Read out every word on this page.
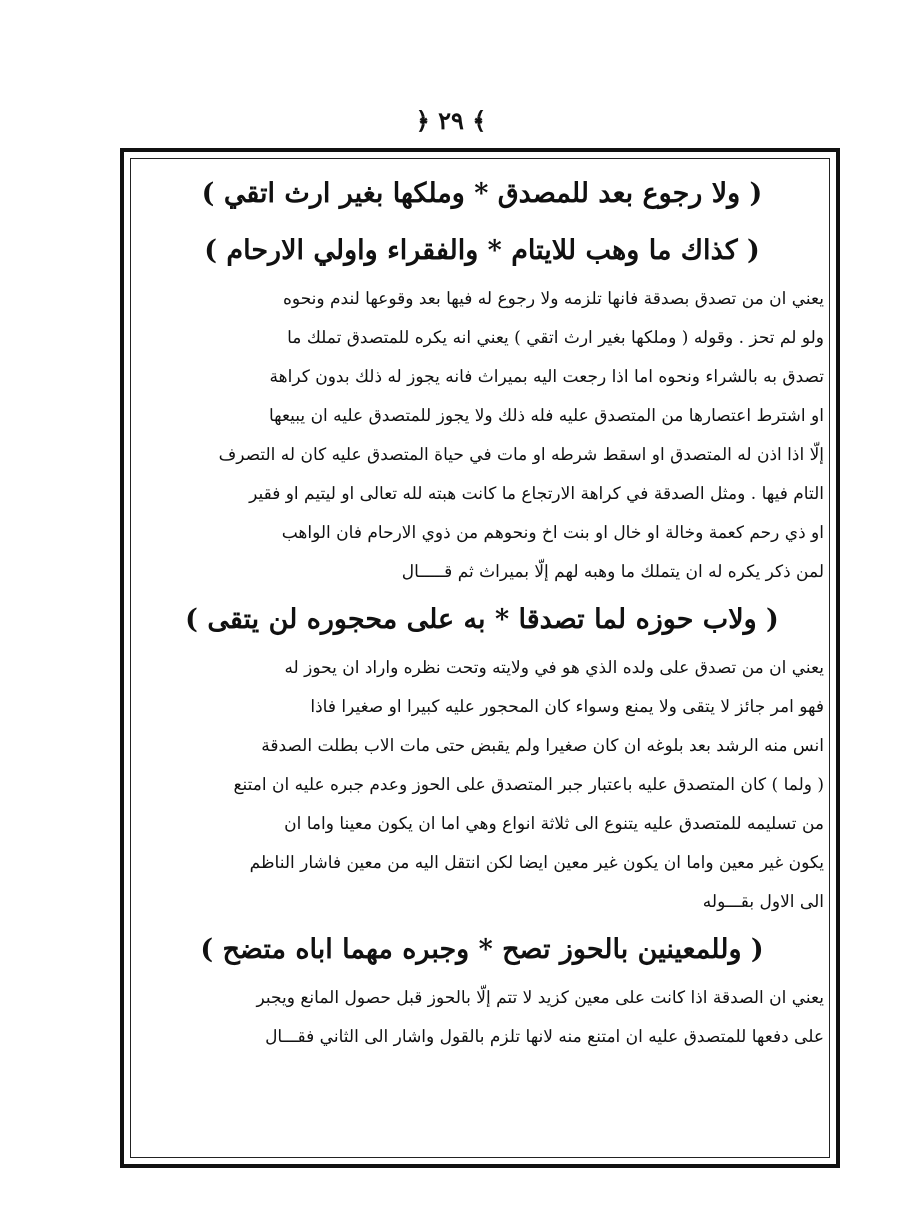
﴿ ٢٩ ﴾
( ولا رجوع بعد للمصدق * وملكها بغير ارث اتقي )
( كذاك ما وهب للايتام * والفقراء واولي الارحام )
يعني ان من تصدق بصدقة فانها تلزمه ولا رجوع له فيها بعد وقوعها لندم ونحوه
ولو لم تحز . وقوله ( وملكها بغير ارث اتقي ) يعني انه يكره للمتصدق تملك ما
تصدق به بالشراء ونحوه اما اذا رجعت اليه بميراث فانه يجوز له ذلك بدون كراهة
او اشترط اعتصارها من المتصدق عليه فله ذلك ولا يجوز للمتصدق عليه ان يبيعها
إلّا اذا اذن له المتصدق او اسقط شرطه او مات في حياة المتصدق عليه كان له التصرف
التام فيها . ومثل الصدقة في كراهة الارتجاع ما كانت هبته لله تعالى او ليتيم او فقير
او ذي رحم كعمة وخالة او خال او بنت اخ ونحوهم من ذوي الارحام فان الواهب
لمن ذكر يكره له ان يتملك ما وهبه لهم إلّا بميراث ثم قـــــال
( ولاب حوزه لما تصدقا * به على محجوره لن يتقى )
يعني ان من تصدق على ولده الذي هو في ولايته وتحت نظره واراد ان يحوز له
فهو امر جائز لا يتقى ولا يمنع وسواء كان المحجور عليه كبيرا او صغيرا فاذا
انس منه الرشد بعد بلوغه ان كان صغيرا ولم يقبض حتى مات الاب بطلت الصدقة
( ولما ) كان المتصدق عليه باعتبار جبر المتصدق على الحوز وعدم جبره عليه ان امتنع
من تسليمه للمتصدق عليه يتنوع الى ثلاثة انواع وهي اما ان يكون معينا واما ان
يكون غير معين واما ان يكون غير معين ايضا لكن انتقل اليه من معين فاشار الناظم
الى الاول بقـــوله
( وللمعينين بالحوز تصح * وجبره مهما اباه متضح )
يعني ان الصدقة اذا كانت على معين كزيد لا تتم إلّا بالحوز قبل حصول المانع ويجبر
على دفعها للمتصدق عليه ان امتنع منه لانها تلزم بالقول واشار الى الثاني فقـــال
